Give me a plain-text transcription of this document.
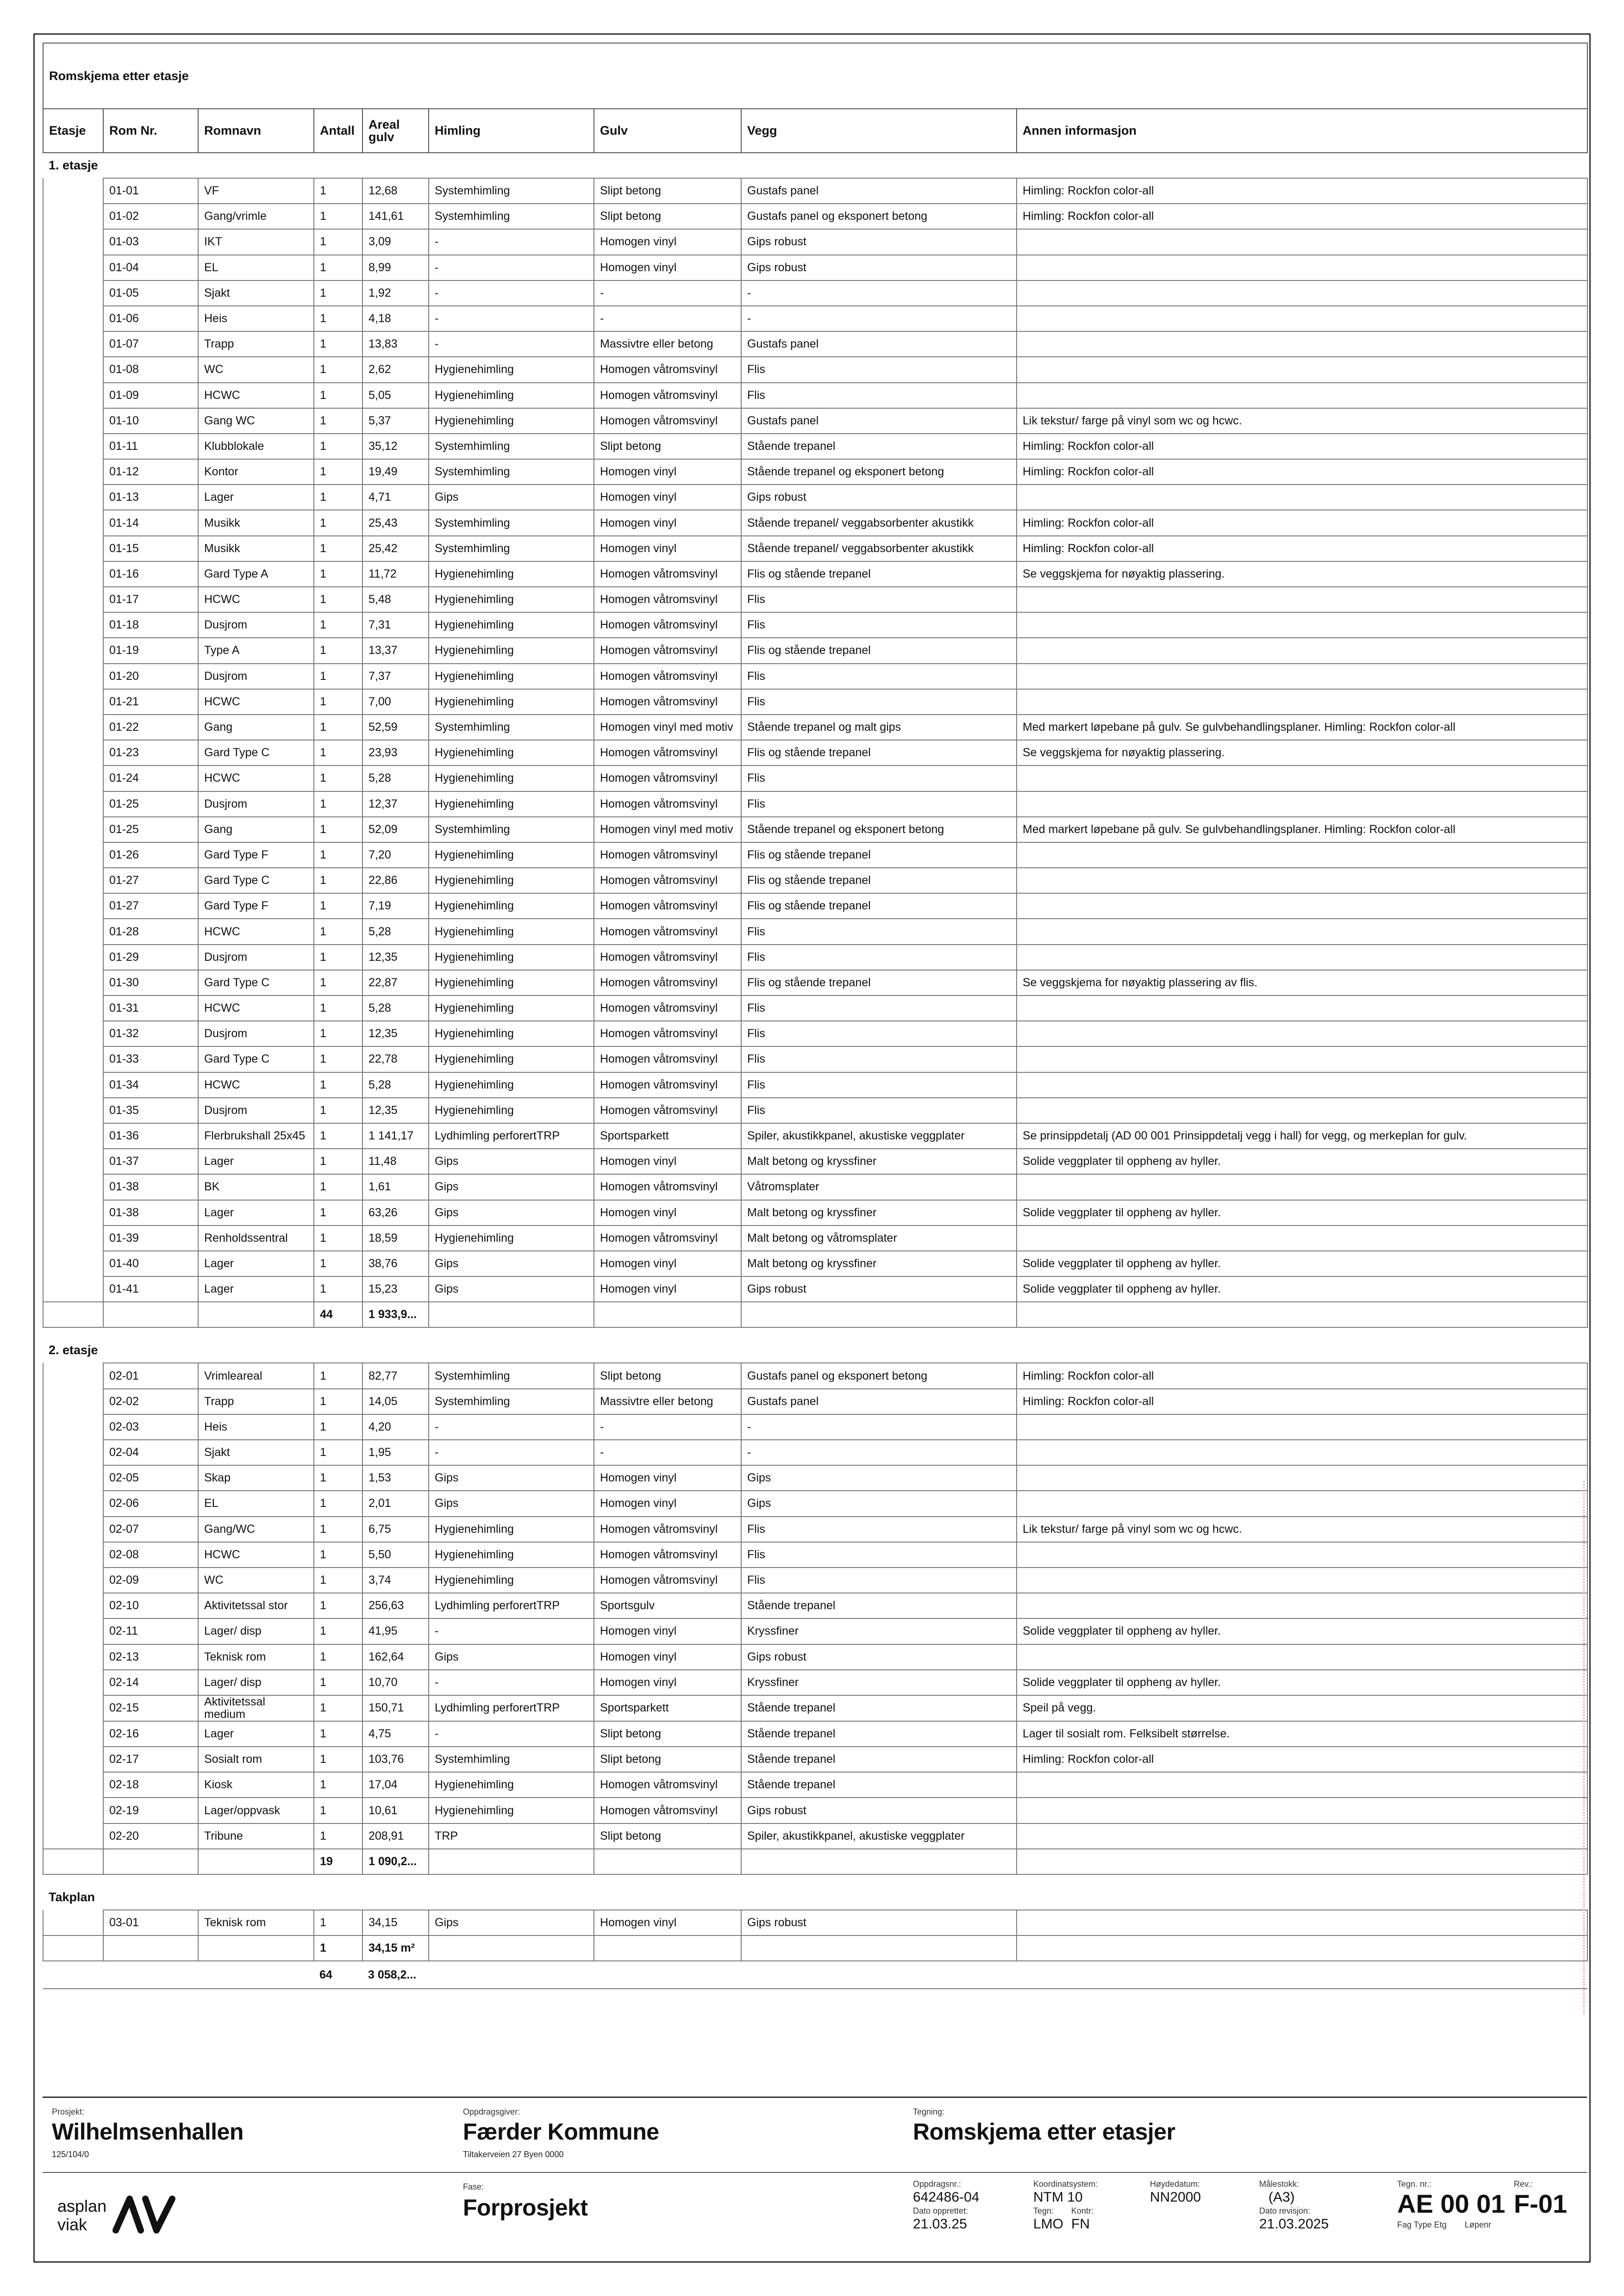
Romskjema etter etasje								
Etasje	Rom Nr.	Romnavn	Antall	Areal gulv	Himling	Gulv	Vegg	Annen informasjon
1. etasje								
	01-01	VF	1	12,68	Systemhimling	Slipt betong	Gustafs panel	Himling: Rockfon color-all
	01-02	Gang/vrimle	1	141,61	Systemhimling	Slipt betong	Gustafs panel og eksponert betong	Himling: Rockfon color-all
	01-03	IKT	1	3,09	-	Homogen vinyl	Gips robust	
	01-04	EL	1	8,99	-	Homogen vinyl	Gips robust	
	01-05	Sjakt	1	1,92	-	-	-	
	01-06	Heis	1	4,18	-	-	-	
	01-07	Trapp	1	13,83	-	Massivtre eller betong	Gustafs panel	
	01-08	WC	1	2,62	Hygienehimling	Homogen våtromsvinyl	Flis	
	01-09	HCWC	1	5,05	Hygienehimling	Homogen våtromsvinyl	Flis	
	01-10	Gang WC	1	5,37	Hygienehimling	Homogen våtromsvinyl	Gustafs panel	Lik tekstur/ farge på vinyl som wc og hcwc.
	01-11	Klubblokale	1	35,12	Systemhimling	Slipt betong	Stående trepanel	Himling: Rockfon color-all
	01-12	Kontor	1	19,49	Systemhimling	Homogen vinyl	Stående trepanel og eksponert betong	Himling: Rockfon color-all
	01-13	Lager	1	4,71	Gips	Homogen vinyl	Gips robust	
	01-14	Musikk	1	25,43	Systemhimling	Homogen vinyl	Stående trepanel/ veggabsorbenter akustikk	Himling: Rockfon color-all
	01-15	Musikk	1	25,42	Systemhimling	Homogen vinyl	Stående trepanel/ veggabsorbenter akustikk	Himling: Rockfon color-all
	01-16	Gard Type A	1	11,72	Hygienehimling	Homogen våtromsvinyl	Flis og stående trepanel	Se veggskjema for nøyaktig plassering.
	01-17	HCWC	1	5,48	Hygienehimling	Homogen våtromsvinyl	Flis	
	01-18	Dusjrom	1	7,31	Hygienehimling	Homogen våtromsvinyl	Flis	
	01-19	Type A	1	13,37	Hygienehimling	Homogen våtromsvinyl	Flis og stående trepanel	
	01-20	Dusjrom	1	7,37	Hygienehimling	Homogen våtromsvinyl	Flis	
	01-21	HCWC	1	7,00	Hygienehimling	Homogen våtromsvinyl	Flis	
	01-22	Gang	1	52,59	Systemhimling	Homogen vinyl med motiv	Stående trepanel og malt gips	Med markert løpebane på gulv. Se gulvbehandlingsplaner. Himling: Rockfon color-all
	01-23	Gard Type C	1	23,93	Hygienehimling	Homogen våtromsvinyl	Flis og stående trepanel	Se veggskjema for nøyaktig plassering.
	01-24	HCWC	1	5,28	Hygienehimling	Homogen våtromsvinyl	Flis	
	01-25	Dusjrom	1	12,37	Hygienehimling	Homogen våtromsvinyl	Flis	
	01-25	Gang	1	52,09	Systemhimling	Homogen vinyl med motiv	Stående trepanel og eksponert betong	Med markert løpebane på gulv. Se gulvbehandlingsplaner. Himling: Rockfon color-all
	01-26	Gard Type F	1	7,20	Hygienehimling	Homogen våtromsvinyl	Flis og stående trepanel	
	01-27	Gard Type C	1	22,86	Hygienehimling	Homogen våtromsvinyl	Flis og stående trepanel	
	01-27	Gard Type F	1	7,19	Hygienehimling	Homogen våtromsvinyl	Flis og stående trepanel	
	01-28	HCWC	1	5,28	Hygienehimling	Homogen våtromsvinyl	Flis	
	01-29	Dusjrom	1	12,35	Hygienehimling	Homogen våtromsvinyl	Flis	
	01-30	Gard Type C	1	22,87	Hygienehimling	Homogen våtromsvinyl	Flis og stående trepanel	Se veggskjema for nøyaktig plassering av flis.
	01-31	HCWC	1	5,28	Hygienehimling	Homogen våtromsvinyl	Flis	
	01-32	Dusjrom	1	12,35	Hygienehimling	Homogen våtromsvinyl	Flis	
	01-33	Gard Type C	1	22,78	Hygienehimling	Homogen våtromsvinyl	Flis	
	01-34	HCWC	1	5,28	Hygienehimling	Homogen våtromsvinyl	Flis	
	01-35	Dusjrom	1	12,35	Hygienehimling	Homogen våtromsvinyl	Flis	
	01-36	Flerbrukshall 25x45	1	1 141,17	Lydhimling perforertTRP	Sportsparkett	Spiler, akustikkpanel, akustiske veggplater	Se prinsippdetalj (AD 00 001 Prinsippdetalj vegg i hall) for vegg, og merkeplan for gulv.
	01-37	Lager	1	11,48	Gips	Homogen vinyl	Malt betong og kryssfiner	Solide veggplater til oppheng av hyller.
	01-38	BK	1	1,61	Gips	Homogen våtromsvinyl	Våtromsplater	
	01-38	Lager	1	63,26	Gips	Homogen vinyl	Malt betong og kryssfiner	Solide veggplater til oppheng av hyller.
	01-39	Renholdssentral	1	18,59	Hygienehimling	Homogen våtromsvinyl	Malt betong og våtromsplater	
	01-40	Lager	1	38,76	Gips	Homogen vinyl	Malt betong og kryssfiner	Solide veggplater til oppheng av hyller.
	01-41	Lager	1	15,23	Gips	Homogen vinyl	Gips robust	Solide veggplater til oppheng av hyller.
			44	1 933,9...				

2. etasje								
	02-01	Vrimleareal	1	82,77	Systemhimling	Slipt betong	Gustafs panel og eksponert betong	Himling: Rockfon color-all
	02-02	Trapp	1	14,05	Systemhimling	Massivtre eller betong	Gustafs panel	Himling: Rockfon color-all
	02-03	Heis	1	4,20	-	-	-	
	02-04	Sjakt	1	1,95	-	-	-	
	02-05	Skap	1	1,53	Gips	Homogen vinyl	Gips	
	02-06	EL	1	2,01	Gips	Homogen vinyl	Gips	
	02-07	Gang/WC	1	6,75	Hygienehimling	Homogen våtromsvinyl	Flis	Lik tekstur/ farge på vinyl som wc og hcwc.
	02-08	HCWC	1	5,50	Hygienehimling	Homogen våtromsvinyl	Flis	
	02-09	WC	1	3,74	Hygienehimling	Homogen våtromsvinyl	Flis	
	02-10	Aktivitetssal stor	1	256,63	Lydhimling perforertTRP	Sportsgulv	Stående trepanel	
	02-11	Lager/ disp	1	41,95	-	Homogen vinyl	Kryssfiner	Solide veggplater til oppheng av hyller.
	02-13	Teknisk rom	1	162,64	Gips	Homogen vinyl	Gips robust	
	02-14	Lager/ disp	1	10,70	-	Homogen vinyl	Kryssfiner	Solide veggplater til oppheng av hyller.
	02-15	Aktivitetssal medium	1	150,71	Lydhimling perforertTRP	Sportsparkett	Stående trepanel	Speil på vegg.
	02-16	Lager	1	4,75	-	Slipt betong	Stående trepanel	Lager til sosialt rom. Felksibelt størrelse.
	02-17	Sosialt rom	1	103,76	Systemhimling	Slipt betong	Stående trepanel	Himling: Rockfon color-all
	02-18	Kiosk	1	17,04	Hygienehimling	Homogen våtromsvinyl	Stående trepanel	
	02-19	Lager/oppvask	1	10,61	Hygienehimling	Homogen våtromsvinyl	Gips robust	
	02-20	Tribune	1	208,91	TRP	Slipt betong	Spiler, akustikkpanel, akustiske veggplater	
			19	1 090,2...				

Takplan								
	03-01	Teknisk rom	1	34,15	Gips	Homogen vinyl	Gips robust	
			1	34,15 m²				
			64	3 058,2...				
Prosjekt:
Wilhelmsenhallen
125/104/0
Oppdragsgiver:
Færder Kommune
Tiltakerveien 27 Byen 0000
Tegning:
Romskjema etter etasjer
asplan
viak
Fase:
Forprosjekt
Oppdragsnr.:
642486-04
Dato opprettet:
21.03.25
Koordinatsystem:
NTM 10
Tegn:
LMO
Kontr:
FN
Høydedatum:
NN2000
Målestokk:
(A3)
Dato revisjon:
21.03.2025
Tegn. nr.:
AE 00 01
Fag Type Etg Løpenr
Rev.:
F-01
